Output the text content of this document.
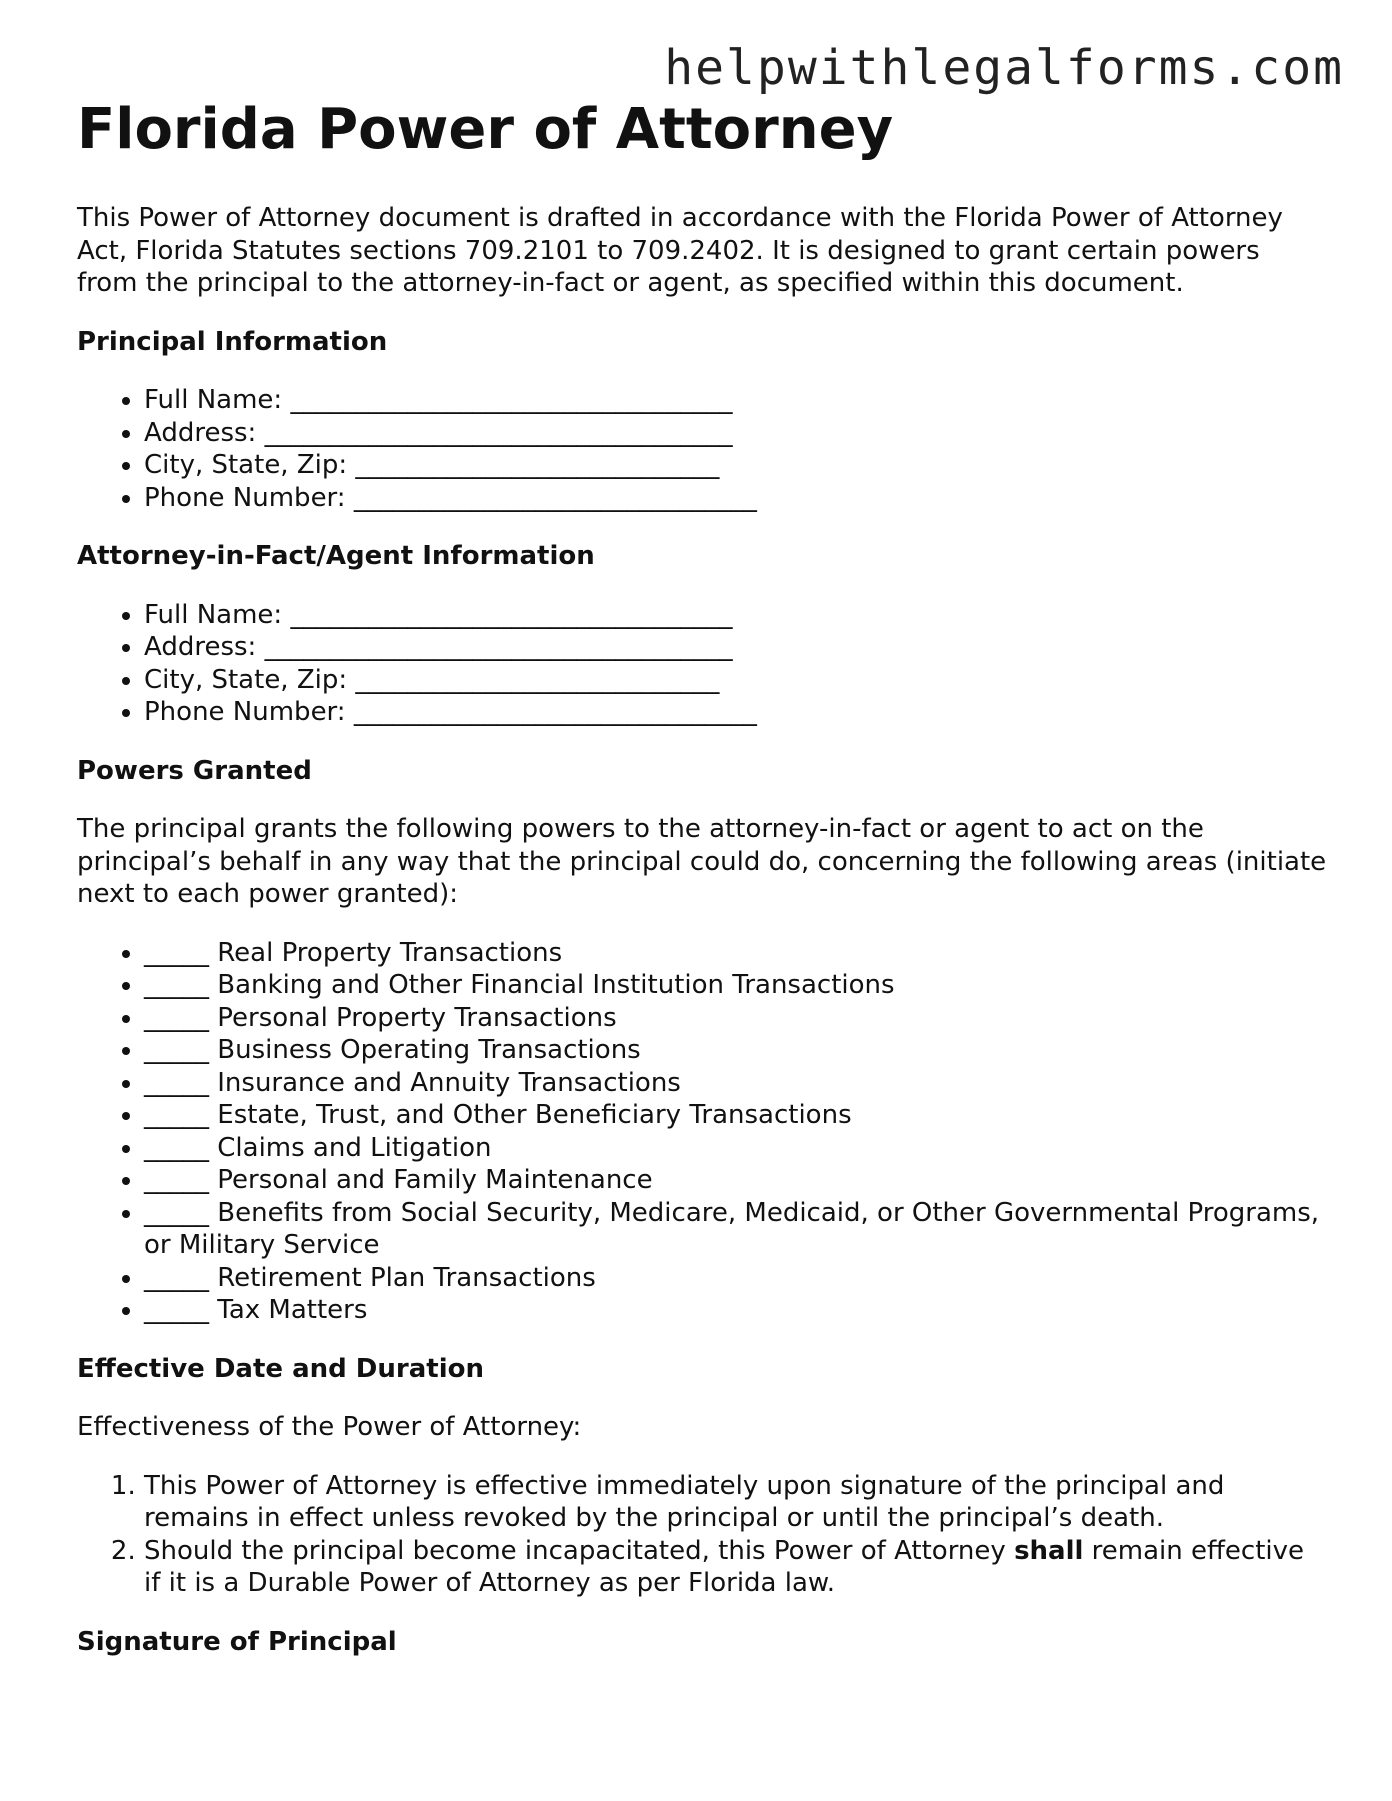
helpwithlegalforms.com
Florida Power of Attorney

This Power of Attorney document is drafted in accordance with the Florida Power of Attorney Act, Florida Statutes sections 709.2101 to 709.2402. It is designed to grant certain powers from the principal to the attorney-in-fact or agent, as specified within this document.

Principal Information
• Full Name: __________________________________
• Address: ____________________________________
• City, State, Zip: ____________________________
• Phone Number: _______________________________
Attorney-in-Fact/Agent Information
• Full Name: __________________________________
• Address: ____________________________________
• City, State, Zip: ____________________________
• Phone Number: _______________________________
Powers Granted

The principal grants the following powers to the attorney-in-fact or agent to act on the principal’s behalf in any way that the principal could do, concerning the following areas (initiate next to each power granted):

• _____ Real Property Transactions
• _____ Banking and Other Financial Institution Transactions
• _____ Personal Property Transactions
• _____ Business Operating Transactions
• _____ Insurance and Annuity Transactions
• _____ Estate, Trust, and Other Beneficiary Transactions
• _____ Claims and Litigation
• _____ Personal and Family Maintenance
• _____ Benefits from Social Security, Medicare, Medicaid, or Other Governmental Programs, or Military Service
• _____ Retirement Plan Transactions
• _____ Tax Matters
Effective Date and Duration

Effectiveness of the Power of Attorney:

1. This Power of Attorney is effective immediately upon signature of the principal and remains in effect unless revoked by the principal or until the principal’s death.
2. Should the principal become incapacitated, this Power of Attorney shall remain effective if it is a Durable Power of Attorney as per Florida law.
Signature of Principal
